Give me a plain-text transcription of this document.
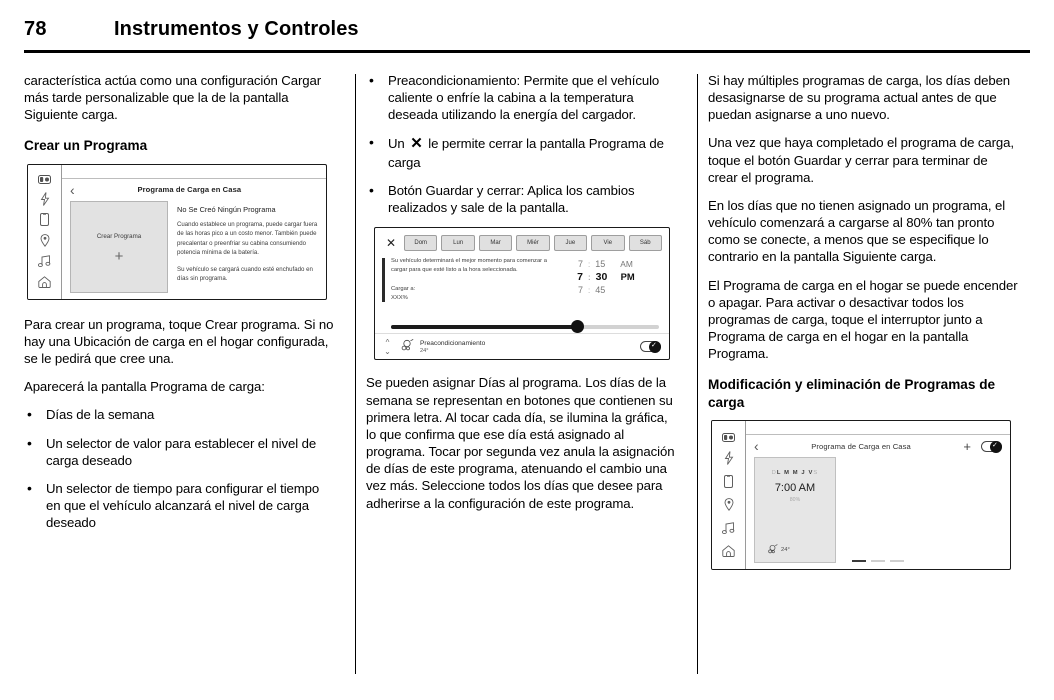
78	Instrumentos y Controles

característica actúa como una configuración Cargar más tarde personalizable que la de la pantalla Siguiente carga.

Crear un Programa
‹	Programa de Carga en Casa
Crear Programa
+
No Se Creó Ningún Programa

Cuando establece un programa, puede cargar fuera de las horas pico a un costo menor. También puede precalentar o preenfriar su cabina consumiendo potencia mínima de la batería.

Su vehículo se cargará cuando esté enchufado en días sin programa.

Para crear un programa, toque Crear programa. Si no hay una Ubicación de carga en el hogar configurada, se le pedirá que cree una.

Aparecerá la pantalla Programa de carga:

• Días de la semana
• Un selector de valor para establecer el nivel de carga deseado
• Un selector de tiempo para configurar el tiempo en que el vehículo alcanzará el nivel de carga deseado
• Preacondicionamiento: Permite que el vehículo caliente o enfríe la cabina a la temperatura deseada utilizando la energía del cargador.
• Un ✕ le permite cerrar la pantalla Programa de carga
• Botón Guardar y cerrar: Aplica los cambios realizados y sale de la pantalla.
✕	Dom	Lun	Mar	Miér	Jue	Vie	Sáb

Su vehículo determinará el mejor momento para comenzar a cargar para que esté listo a la hora seleccionada.

Cargar a:
XXX%
7 : 15	AM
7 : 30	PM
7 : 45
^
⌄
Preacondicionamiento
24°
✓

Se pueden asignar Días al programa. Los días de la semana se representan en botones que contienen su primera letra. Al tocar cada día, se ilumina la gráfica, lo que confirma que ese día está asignado al programa. Tocar por segunda vez anula la asignación de días de este programa, atenuando el cambio una vez más. Seleccione todos los días que desee para adherirse a la configuración de este programa.

Si hay múltiples programas de carga, los días deben desasignarse de su programa actual antes de que puedan asignarse a uno nuevo.

Una vez que haya completado el programa de carga, toque el botón Guardar y cerrar para terminar de crear el programa.

En los días que no tienen asignado un programa, el vehículo comenzará a cargarse al 80% tan pronto como se conecte, a menos que se especifique lo contrario en la pantalla Siguiente carga.

El Programa de carga en el hogar se puede encender o apagar. Para activar o desactivar todos los programas de carga, toque el interruptor junto a Programa de carga en el hogar en la pantalla Programa.

Modificación y eliminación de Programas de carga
‹	Programa de Carga en Casa	+
✓
DL M M J VS
7:00 AM
80%
24°
